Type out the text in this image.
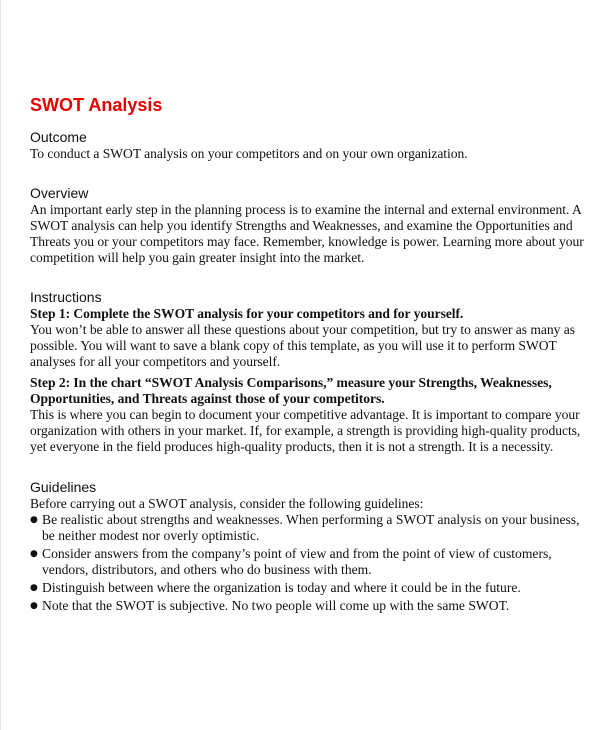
SWOT Analysis
Outcome

To conduct a SWOT analysis on your competitors and on your own organization.

Overview

An important early step in the planning process is to examine the internal and external environment. A SWOT analysis can help you identify Strengths and Weaknesses, and examine the Opportunities and Threats you or your competitors may face. Remember, knowledge is power. Learning more about your competition will help you gain greater insight into the market.

Instructions

Step 1: Complete the SWOT analysis for your competitors and for yourself.

You won’t be able to answer all these questions about your competition, but try to answer as many as possible. You will want to save a blank copy of this template, as you will use it to perform SWOT analyses for all your competitors and yourself.

Step 2: In the chart “SWOT Analysis Comparisons,” measure your Strengths, Weaknesses, Opportunities, and Threats against those of your competitors.

This is where you can begin to document your competitive advantage. It is important to compare your organization with others in your market. If, for example, a strength is providing high-quality products, yet everyone in the field produces high-quality products, then it is not a strength. It is a necessity.

Guidelines

Before carrying out a SWOT analysis, consider the following guidelines:

● Be realistic about strengths and weaknesses. When performing a SWOT analysis on your business, be neither modest nor overly optimistic.
● Consider answers from the company’s point of view and from the point of view of customers, vendors, distributors, and others who do business with them.
● Distinguish between where the organization is today and where it could be in the future.
● Note that the SWOT is subjective. No two people will come up with the same SWOT.
